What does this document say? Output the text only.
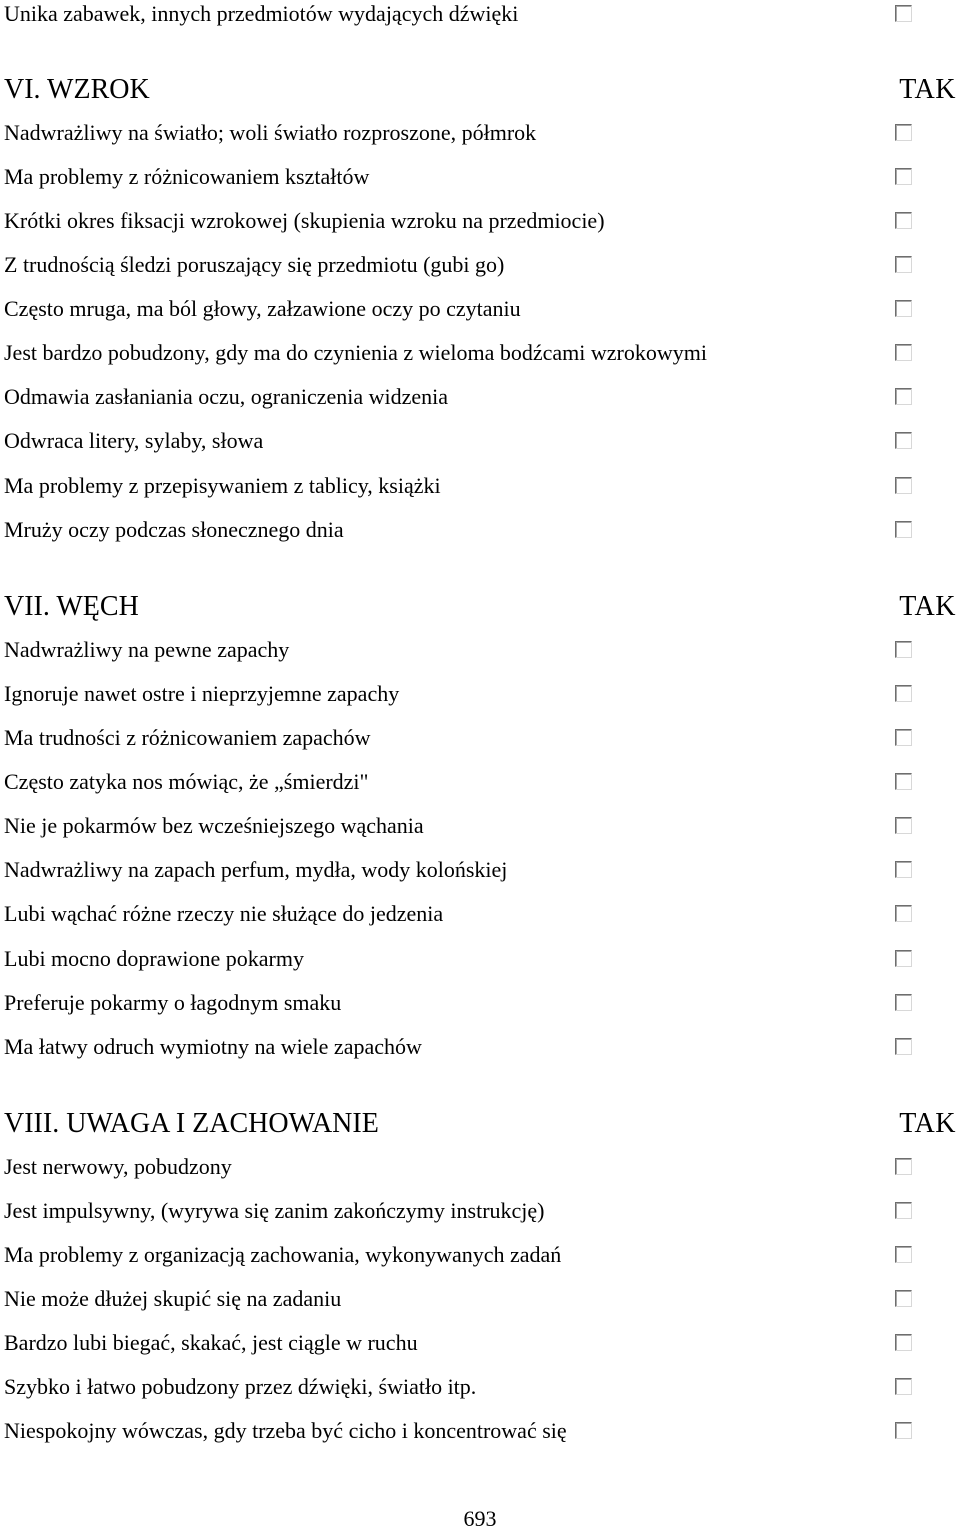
Unika zabawek, innych przedmiotów wydających dźwięki
VI. WZROK	TAK
Nadwrażliwy na światło; woli światło rozproszone, półmrok
Ma problemy z różnicowaniem kształtów
Krótki okres fiksacji wzrokowej (skupienia wzroku na przedmiocie)
Z trudnością śledzi poruszający się przedmiotu (gubi go)
Często mruga, ma ból głowy, załzawione oczy po czytaniu
Jest bardzo pobudzony, gdy ma do czynienia z wieloma bodźcami wzrokowymi
Odmawia zasłaniania oczu, ograniczenia widzenia
Odwraca litery, sylaby, słowa
Ma problemy z przepisywaniem z tablicy, książki
Mruży oczy podczas słonecznego dnia
VII. WĘCH	TAK
Nadwrażliwy na pewne zapachy
Ignoruje nawet ostre i nieprzyjemne zapachy
Ma trudności z różnicowaniem zapachów
Często zatyka nos mówiąc, że „śmierdzi"
Nie je pokarmów bez wcześniejszego wąchania
Nadwrażliwy na zapach perfum, mydła, wody kolońskiej
Lubi wąchać różne rzeczy nie służące do jedzenia
Lubi mocno doprawione pokarmy
Preferuje pokarmy o łagodnym smaku
Ma łatwy odruch wymiotny na wiele zapachów
VIII. UWAGA I ZACHOWANIE	TAK
Jest nerwowy, pobudzony
Jest impulsywny, (wyrywa się zanim zakończymy instrukcję)
Ma problemy z organizacją zachowania, wykonywanych zadań
Nie może dłużej skupić się na zadaniu
Bardzo lubi biegać, skakać, jest ciągle w ruchu
Szybko i łatwo pobudzony przez dźwięki, światło itp.
Niespokojny wówczas, gdy trzeba być cicho i koncentrować się
693
